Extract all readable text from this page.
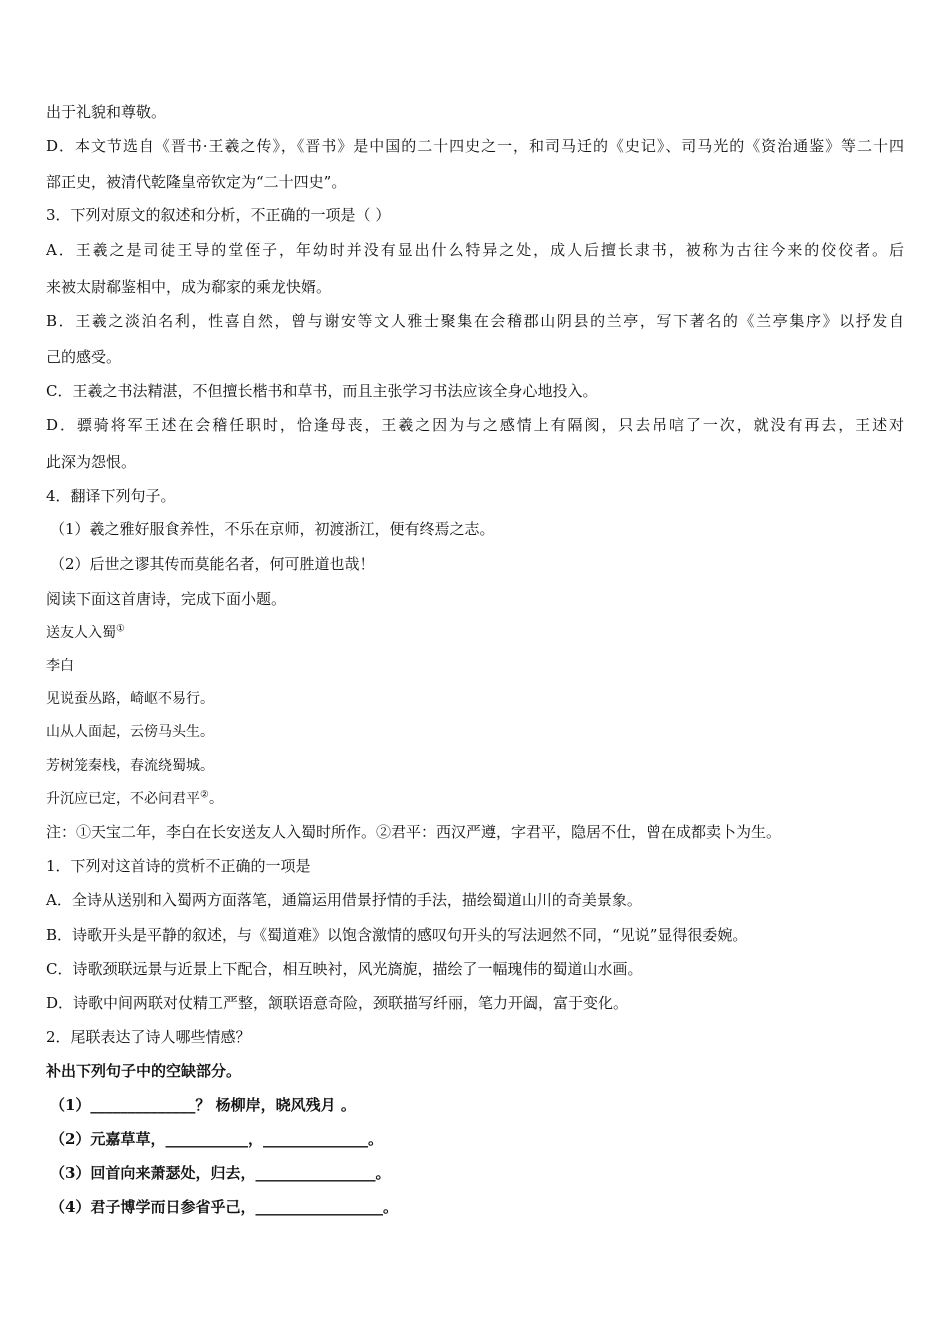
出于礼貌和尊敬。
D．本文节选自《晋书·王羲之传》，《晋书》是中国的二十四史之一，和司马迁的《史记》、司马光的《资治通鉴》等二十四
部正史，被清代乾隆皇帝钦定为“二十四史”。
3．下列对原文的叙述和分析，不正确的一项是（ ）
A．王羲之是司徒王导的堂侄子，年幼时并没有显出什么特异之处，成人后擅长隶书，被称为古往今来的佼佼者。后
来被太尉郗鉴相中，成为郗家的乘龙快婿。
B．王羲之淡泊名利，性喜自然，曾与谢安等文人雅士聚集在会稽郡山阴县的兰亭，写下著名的《兰亭集序》以抒发自
己的感受。
C．王羲之书法精湛，不但擅长楷书和草书，而且主张学习书法应该全身心地投入。
D．骠骑将军王述在会稽任职时，恰逢母丧，王羲之因为与之感情上有隔阂，只去吊唁了一次，就没有再去，王述对
此深为怨恨。
4．翻译下列句子。
（1）羲之雅好服食养性，不乐在京师，初渡浙江，便有终焉之志。
（2）后世之谬其传而莫能名者，何可胜道也哉！
阅读下面这首唐诗，完成下面小题。
送友人入蜀①
李白
见说蚕丛路，崎岖不易行。
山从人面起，云傍马头生。
芳树笼秦栈，春流绕蜀城。
升沉应已定，不必问君平②。
注：①天宝二年，李白在长安送友人入蜀时所作。②君平：西汉严遵，字君平，隐居不仕，曾在成都卖卜为生。
1．下列对这首诗的赏析不正确的一项是
A．全诗从送别和入蜀两方面落笔，通篇运用借景抒情的手法，描绘蜀道山川的奇美景象。
B．诗歌开头是平静的叙述，与《蜀道难》以饱含激情的感叹句开头的写法迥然不同，“见说”显得很委婉。
C．诗歌颈联远景与近景上下配合，相互映衬，风光旖旎，描绘了一幅瑰伟的蜀道山水画。
D．诗歌中间两联对仗精工严整，颔联语意奇险，颈联描写纤丽，笔力开阖，富于变化。
2．尾联表达了诗人哪些情感？
补出下列句子中的空缺部分。
（1）______________？ 杨柳岸，晓风残月 。
（2）元嘉草草，___________，______________。
（3）回首向来萧瑟处，归去，________________。
（4）君子博学而日参省乎己，_________________。
